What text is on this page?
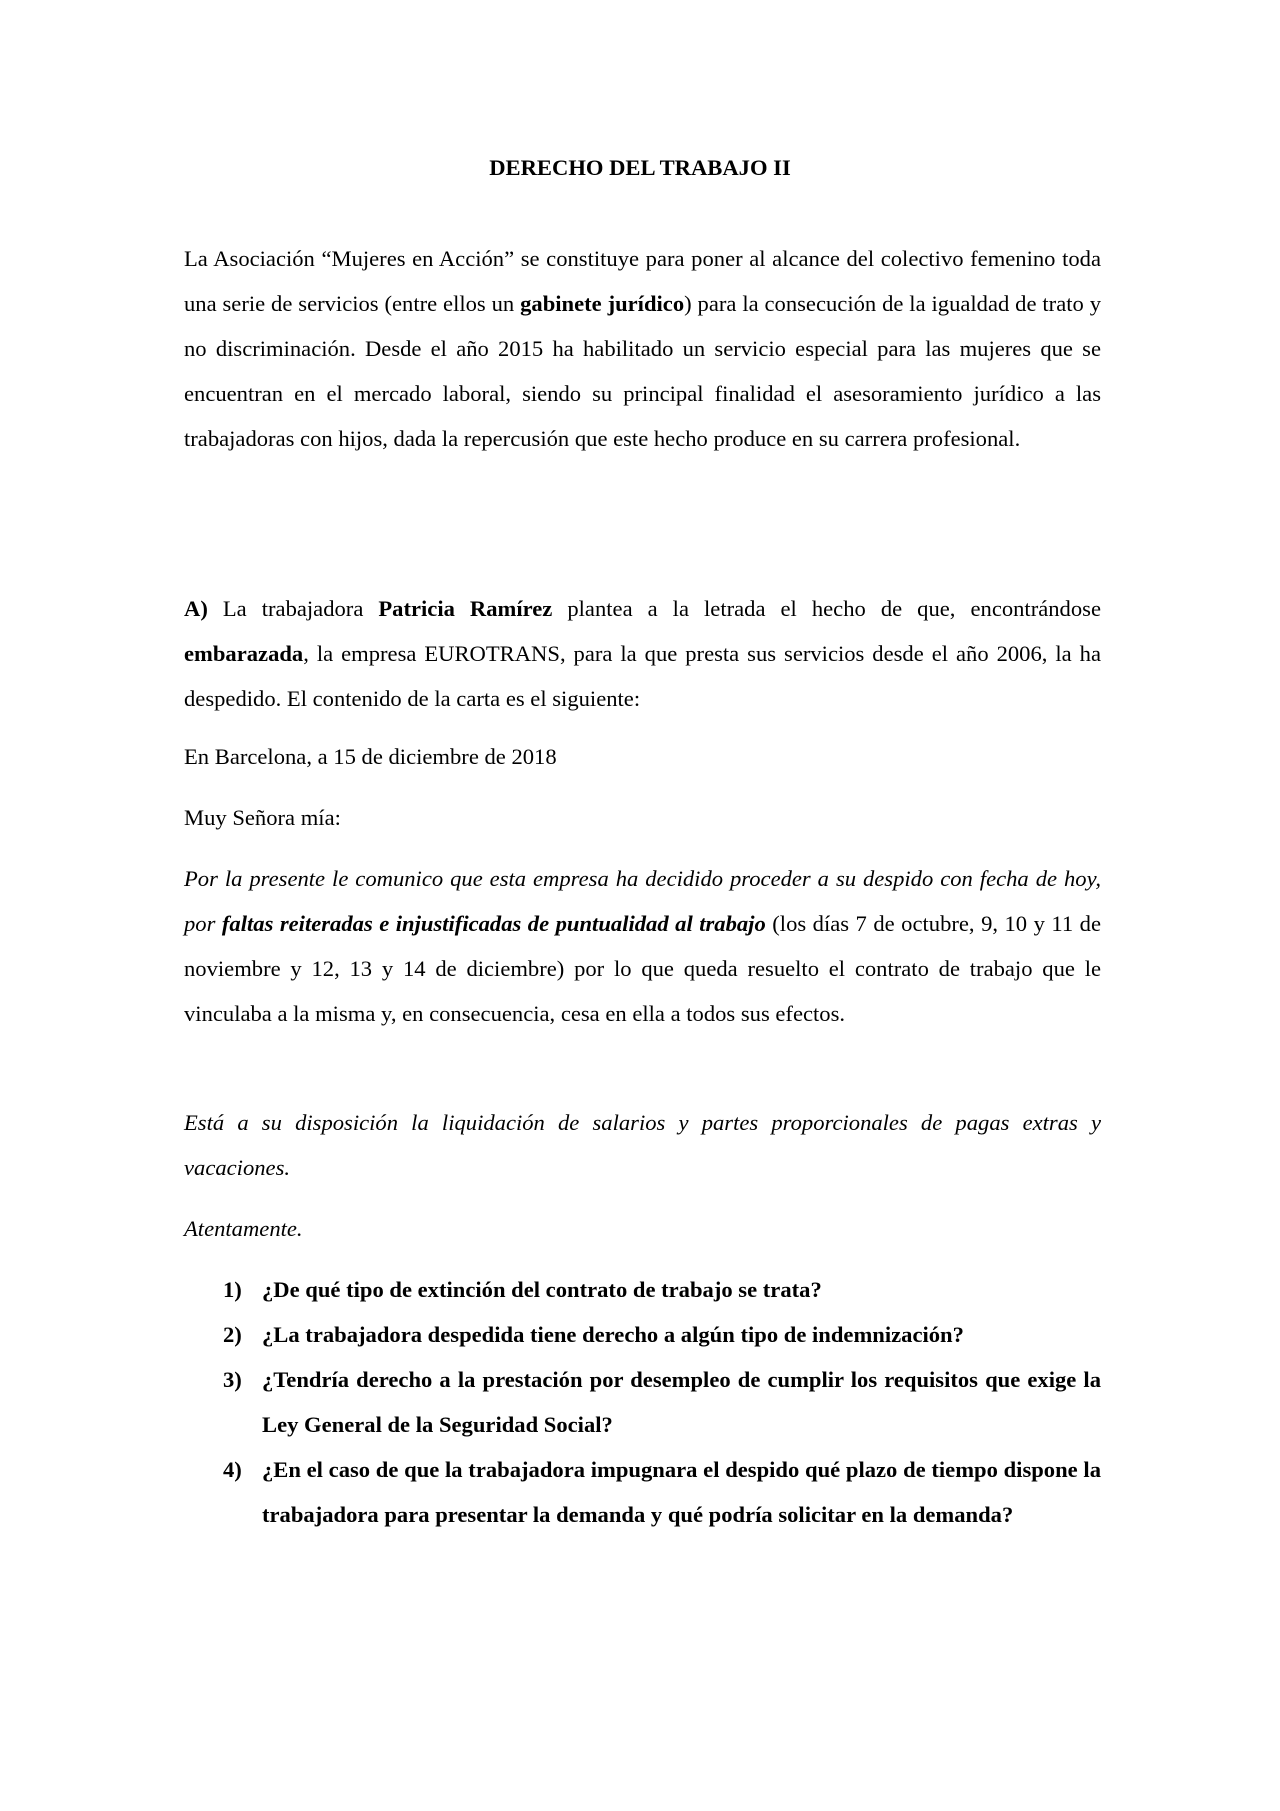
DERECHO DEL TRABAJO II

La Asociación “Mujeres en Acción” se constituye para poner al alcance del colectivo femenino toda una serie de servicios (entre ellos un gabinete jurídico) para la consecución de la igualdad de trato y no discriminación. Desde el año 2015 ha habilitado un servicio especial para las mujeres que se encuentran en el mercado laboral, siendo su principal finalidad el asesoramiento jurídico a las trabajadoras con hijos, dada la repercusión que este hecho produce en su carrera profesional.

A) La trabajadora Patricia Ramírez plantea a la letrada el hecho de que, encontrándose embarazada, la empresa EUROTRANS, para la que presta sus servicios desde el año 2006, la ha despedido. El contenido de la carta es el siguiente:

En Barcelona, a 15 de diciembre de 2018
Muy Señora mía:

Por la presente le comunico que esta empresa ha decidido proceder a su despido con fecha de hoy, por faltas reiteradas e injustificadas de puntualidad al trabajo (los días 7 de octubre, 9, 10 y 11 de noviembre y 12, 13 y 14 de diciembre) por lo que queda resuelto el contrato de trabajo que le vinculaba a la misma y, en consecuencia, cesa en ella a todos sus efectos.

Está a su disposición la liquidación de salarios y partes proporcionales de pagas extras y vacaciones.

Atentamente.
1) ¿De qué tipo de extinción del contrato de trabajo se trata?
2) ¿La trabajadora despedida tiene derecho a algún tipo de indemnización?
3) ¿Tendría derecho a la prestación por desempleo de cumplir los requisitos que exige la Ley General de la Seguridad Social?
4) ¿En el caso de que la trabajadora impugnara el despido qué plazo de tiempo dispone la trabajadora para presentar la demanda y qué podría solicitar en la demanda?
